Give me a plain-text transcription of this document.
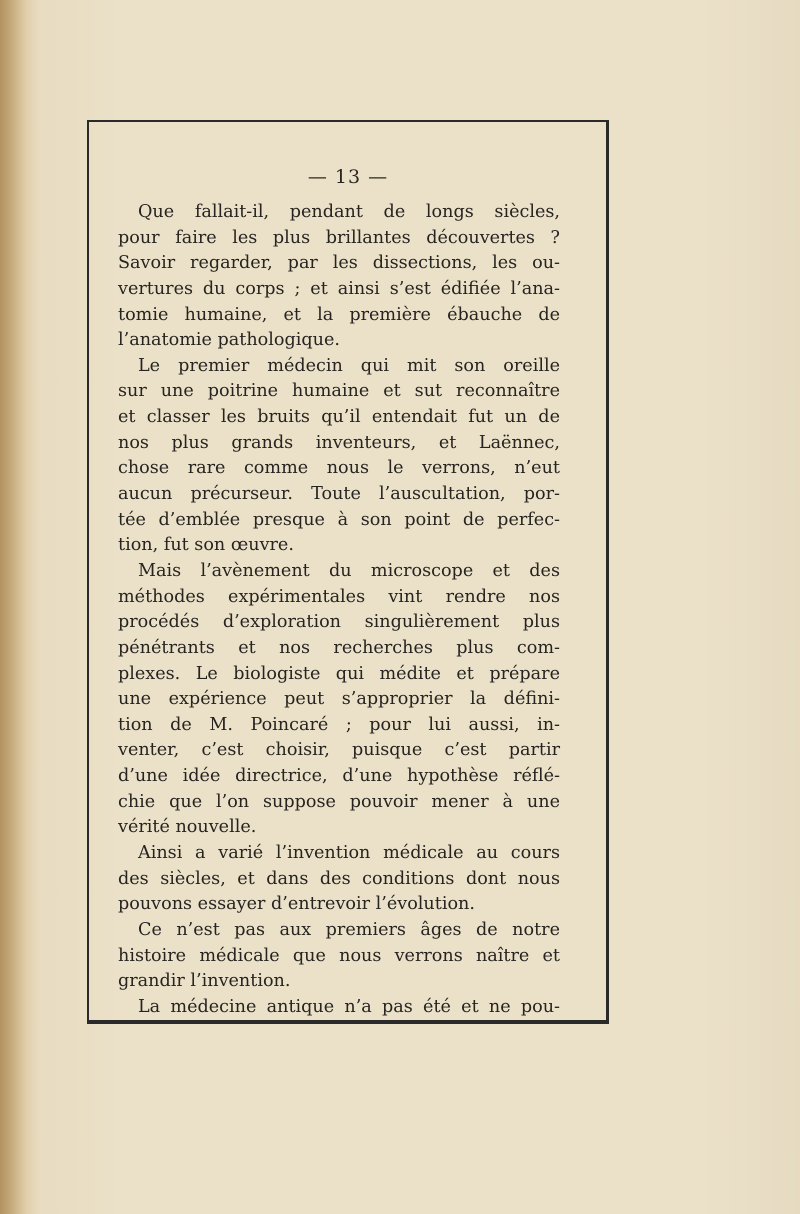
— 13 —
Que fallait-il, pendant de longs siècles,
pour faire les plus brillantes découvertes ?
Savoir regarder, par les dissections, les ou-
vertures du corps ; et ainsi s’est édifiée l’ana-
tomie humaine, et la première ébauche de
l’anatomie pathologique.
Le premier médecin qui mit son oreille
sur une poitrine humaine et sut reconnaître
et classer les bruits qu’il entendait fut un de
nos plus grands inventeurs, et Laënnec,
chose rare comme nous le verrons, n’eut
aucun précurseur. Toute l’auscultation, por-
tée d’emblée presque à son point de perfec-
tion, fut son œuvre.
Mais l’avènement du microscope et des
méthodes expérimentales vint rendre nos
procédés d’exploration singulièrement plus
pénétrants et nos recherches plus com-
plexes. Le biologiste qui médite et prépare
une expérience peut s’approprier la défini-
tion de M. Poincaré ; pour lui aussi, in-
venter, c’est choisir, puisque c’est partir
d’une idée directrice, d’une hypothèse réflé-
chie que l’on suppose pouvoir mener à une
vérité nouvelle.
Ainsi a varié l’invention médicale au cours
des siècles, et dans des conditions dont nous
pouvons essayer d’entrevoir l’évolution.
Ce n’est pas aux premiers âges de notre
histoire médicale que nous verrons naître et
grandir l’invention.
La médecine antique n’a pas été et ne pou-
